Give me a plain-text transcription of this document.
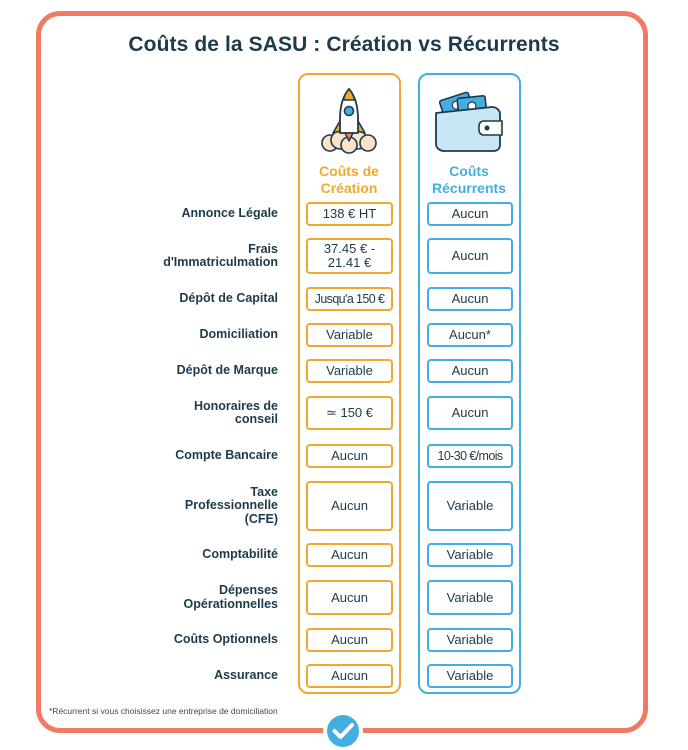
Coûts de la SASU : Création vs Récurrents
Coûts de Création
Coûts Récurrents
Annonce Légale	138 € HT	Aucun
Frais
d'Immatriculmation
37.45 € -
21.41 €	Aucun
Dépôt de Capital	Jusqu'a 150 €	Aucun
Domiciliation	Variable	Aucun*
Dépôt de Marque	Variable	Aucun
Honoraires de
conseil	≃ 150 €	Aucun
Compte Bancaire	Aucun	10-30 €/mois
Taxe
Professionnelle
(CFE)
Aucun	Variable
Comptabilité	Aucun	Variable
Dépenses
Opérationnelles	Aucun	Variable
Coûts Optionnels	Aucun	Variable
Assurance	Aucun	Variable
*Récurrent si vous choisissez une entreprise de domiciliation
